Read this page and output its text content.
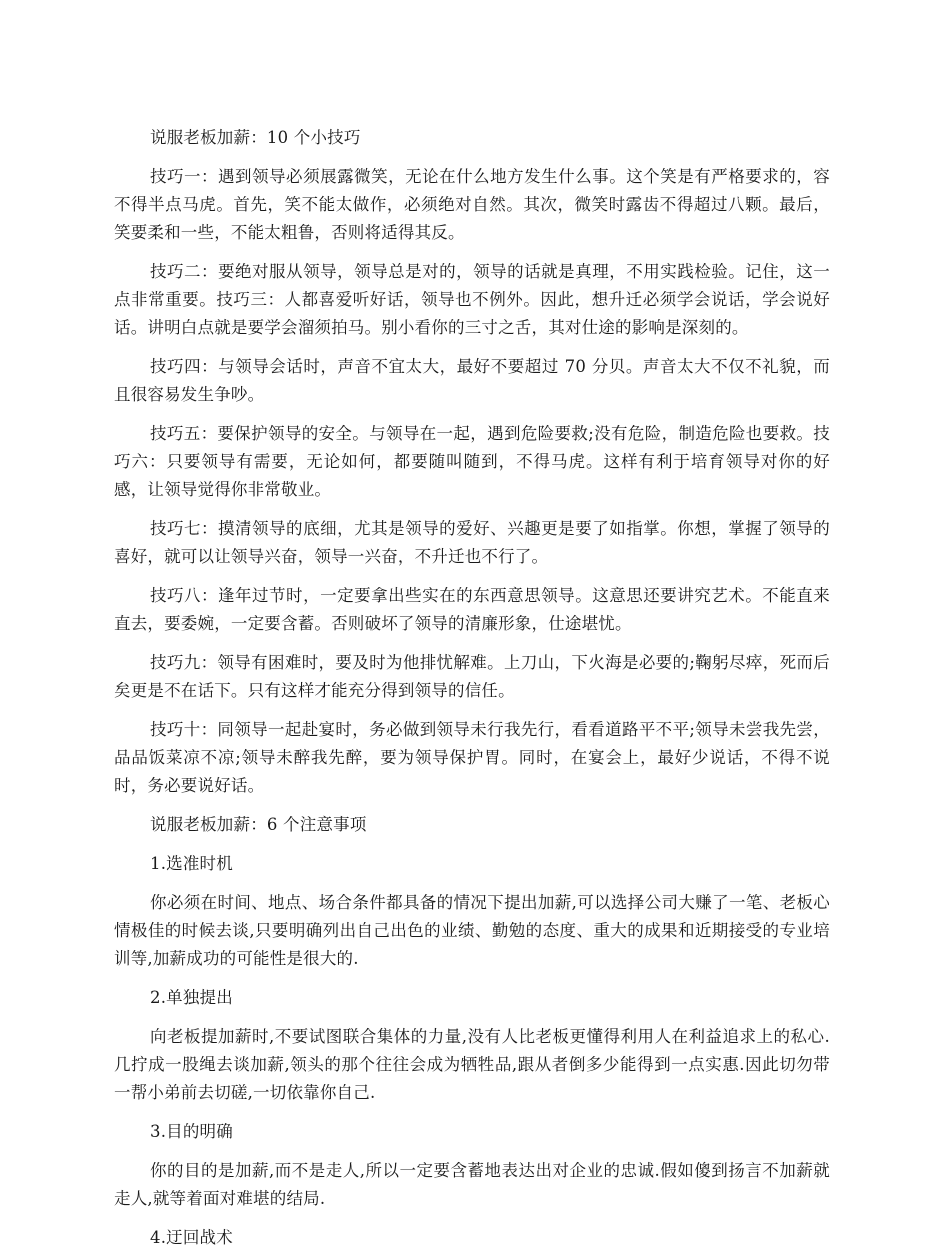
说服老板加薪：10 个小技巧

技巧一：遇到领导必须展露微笑，无论在什么地方发生什么事。这个笑是有严格要求的，容不得半点马虎。首先，笑不能太做作，必须绝对自然。其次，微笑时露齿不得超过八颗。最后，笑要柔和一些，不能太粗鲁，否则将适得其反。

技巧二：要绝对服从领导，领导总是对的，领导的话就是真理，不用实践检验。记住，这一点非常重要。技巧三：人都喜爱听好话，领导也不例外。因此，想升迁必须学会说话，学会说好话。讲明白点就是要学会溜须拍马。别小看你的三寸之舌，其对仕途的影响是深刻的。

技巧四：与领导会话时，声音不宜太大，最好不要超过 70 分贝。声音太大不仅不礼貌，而且很容易发生争吵。

技巧五：要保护领导的安全。与领导在一起，遇到危险要救;没有危险，制造危险也要救。技巧六：只要领导有需要，无论如何，都要随叫随到，不得马虎。这样有利于培育领导对你的好感，让领导觉得你非常敬业。

技巧七：摸清领导的底细，尤其是领导的爱好、兴趣更是要了如指掌。你想，掌握了领导的喜好，就可以让领导兴奋，领导一兴奋，不升迁也不行了。

技巧八：逢年过节时，一定要拿出些实在的东西意思领导。这意思还要讲究艺术。不能直来直去，要委婉，一定要含蓄。否则破坏了领导的清廉形象，仕途堪忧。

技巧九：领导有困难时，要及时为他排忧解难。上刀山，下火海是必要的;鞠躬尽瘁，死而后矣更是不在话下。只有这样才能充分得到领导的信任。

技巧十：同领导一起赴宴时，务必做到领导未行我先行，看看道路平不平;领导未尝我先尝，品品饭菜凉不凉;领导未醉我先醉，要为领导保护胃。同时，在宴会上，最好少说话，不得不说时，务必要说好话。

说服老板加薪：6 个注意事项

1.选准时机

你必须在时间、地点、场合条件都具备的情况下提出加薪,可以选择公司大赚了一笔、老板心情极佳的时候去谈,只要明确列出自己出色的业绩、勤勉的态度、重大的成果和近期接受的专业培训等,加薪成功的可能性是很大的.

2.单独提出

向老板提加薪时,不要试图联合集体的力量,没有人比老板更懂得利用人在利益追求上的私心.几拧成一股绳去谈加薪,领头的那个往往会成为牺牲品,跟从者倒多少能得到一点实惠.因此切勿带一帮小弟前去切磋,一切依靠你自己.

3.目的明确

你的目的是加薪,而不是走人,所以一定要含蓄地表达出对企业的忠诚.假如傻到扬言不加薪就走人,就等着面对难堪的结局.

4.迂回战术
